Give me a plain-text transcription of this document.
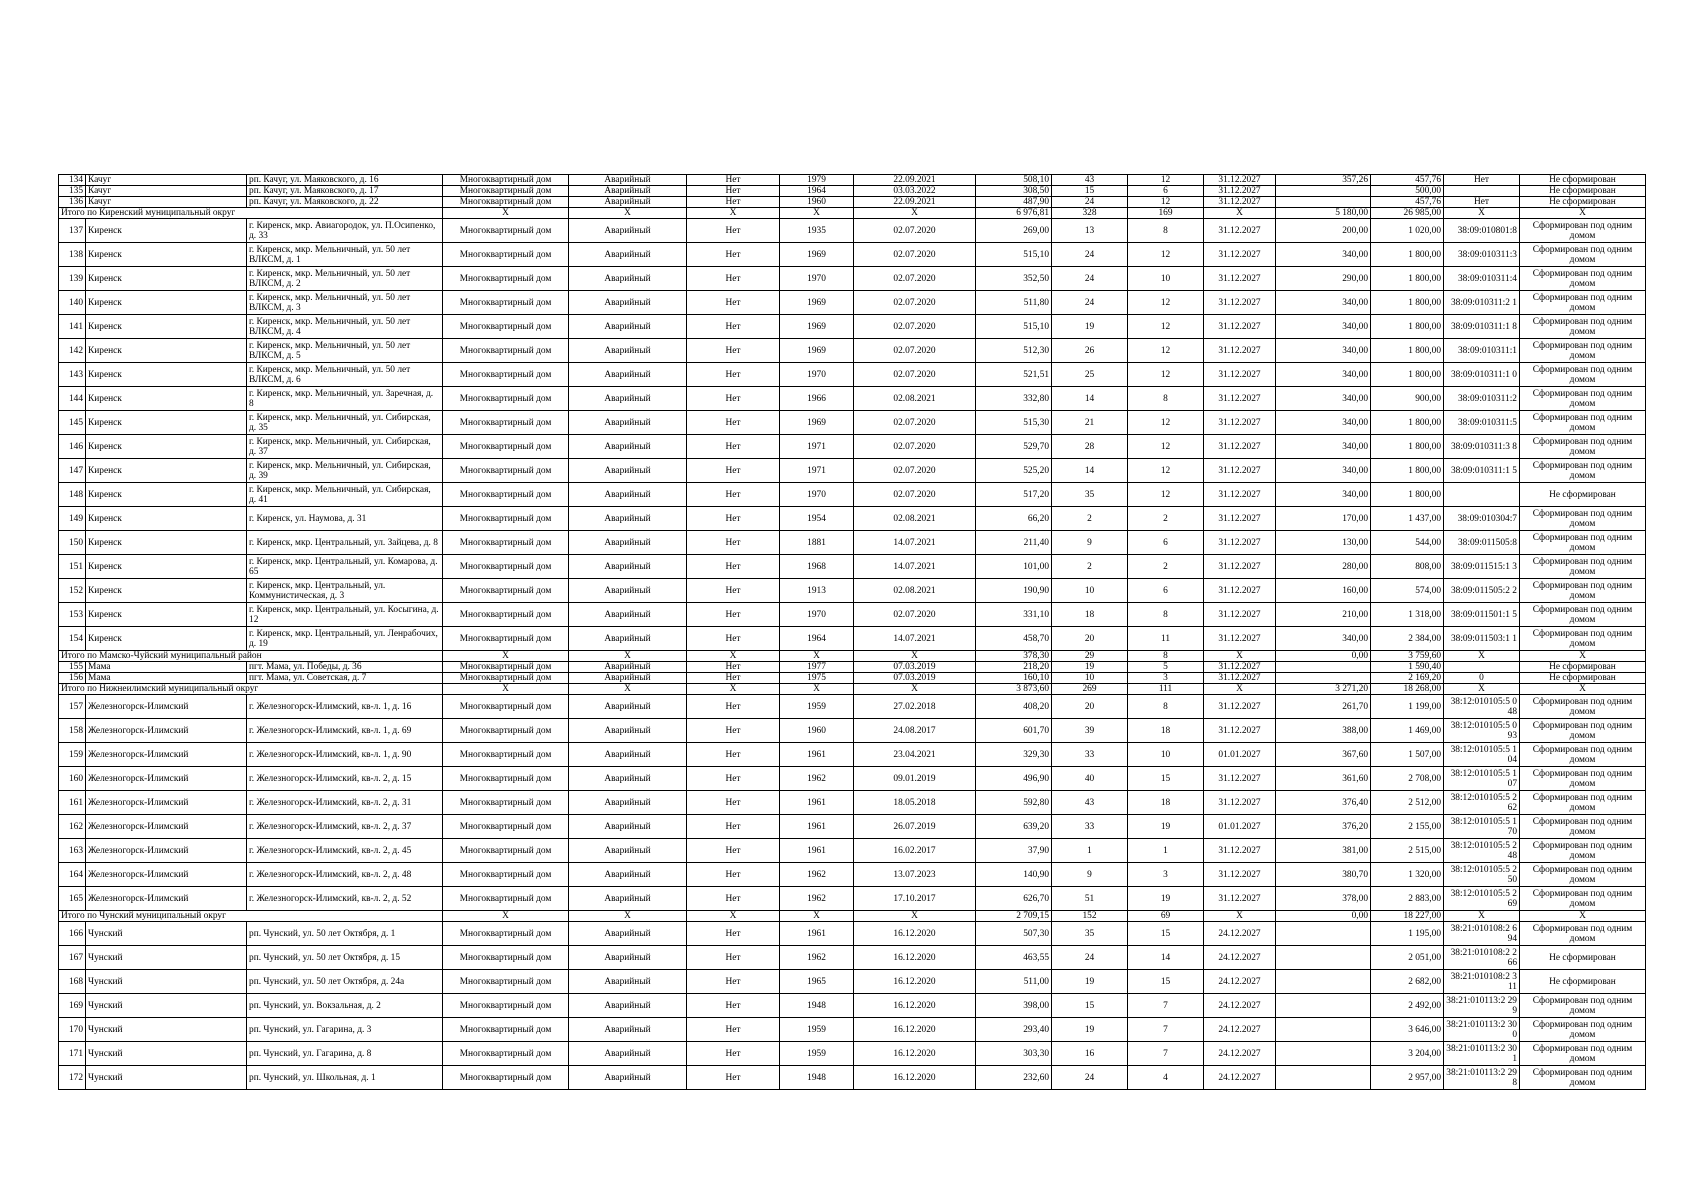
134	Качуг	рп. Качуг, ул. Маяковского, д. 16	Многоквартирный дом	Аварийный	Нет	1979	22.09.2021	508,10	43	12	31.12.2027	357,26	457,76	Нет	Не сформирован
135	Качуг	рп. Качуг, ул. Маяковского, д. 17	Многоквартирный дом	Аварийный	Нет	1964	03.03.2022	308,50	15	6	31.12.2027		500,00		Не сформирован
136	Качуг	рп. Качуг, ул. Маяковского, д. 22	Многоквартирный дом	Аварийный	Нет	1960	22.09.2021	487,90	24	12	31.12.2027		457,76	Нет	Не сформирован
Итого по Киренский муниципальный округ			X	X	X	X	X	6 976,81	328	169	X	5 180,00	26 985,00	X	X
137	Киренск	г. Киренск, мкр. Авиагородок, ул. П.Осипенко, д. 33	Многоквартирный дом	Аварийный	Нет	1935	02.07.2020	269,00	13	8	31.12.2027	200,00	1 020,00	38:09:010801:8	Сформирован под одним домом
138	Киренск	г. Киренск, мкр. Мельничный, ул. 50 лет ВЛКСМ, д. 1	Многоквартирный дом	Аварийный	Нет	1969	02.07.2020	515,10	24	12	31.12.2027	340,00	1 800,00	38:09:010311:3	Сформирован под одним домом
139	Киренск	г. Киренск, мкр. Мельничный, ул. 50 лет ВЛКСМ, д. 2	Многоквартирный дом	Аварийный	Нет	1970	02.07.2020	352,50	24	10	31.12.2027	290,00	1 800,00	38:09:010311:4	Сформирован под одним домом
140	Киренск	г. Киренск, мкр. Мельничный, ул. 50 лет ВЛКСМ, д. 3	Многоквартирный дом	Аварийный	Нет	1969	02.07.2020	511,80	24	12	31.12.2027	340,00	1 800,00	38:09:010311:2 1	Сформирован под одним домом
141	Киренск	г. Киренск, мкр. Мельничный, ул. 50 лет ВЛКСМ, д. 4	Многоквартирный дом	Аварийный	Нет	1969	02.07.2020	515,10	19	12	31.12.2027	340,00	1 800,00	38:09:010311:1 8	Сформирован под одним домом
142	Киренск	г. Киренск, мкр. Мельничный, ул. 50 лет ВЛКСМ, д. 5	Многоквартирный дом	Аварийный	Нет	1969	02.07.2020	512,30	26	12	31.12.2027	340,00	1 800,00	38:09:010311:1	Сформирован под одним домом
143	Киренск	г. Киренск, мкр. Мельничный, ул. 50 лет ВЛКСМ, д. 6	Многоквартирный дом	Аварийный	Нет	1970	02.07.2020	521,51	25	12	31.12.2027	340,00	1 800,00	38:09:010311:1 0	Сформирован под одним домом
144	Киренск	г. Киренск, мкр. Мельничный, ул. Заречная, д. 8	Многоквартирный дом	Аварийный	Нет	1966	02.08.2021	332,80	14	8	31.12.2027	340,00	900,00	38:09:010311:2	Сформирован под одним домом
145	Киренск	г. Киренск, мкр. Мельничный, ул. Сибирская, д. 35	Многоквартирный дом	Аварийный	Нет	1969	02.07.2020	515,30	21	12	31.12.2027	340,00	1 800,00	38:09:010311:5	Сформирован под одним домом
146	Киренск	г. Киренск, мкр. Мельничный, ул. Сибирская, д. 37	Многоквартирный дом	Аварийный	Нет	1971	02.07.2020	529,70	28	12	31.12.2027	340,00	1 800,00	38:09:010311:3 8	Сформирован под одним домом
147	Киренск	г. Киренск, мкр. Мельничный, ул. Сибирская, д. 39	Многоквартирный дом	Аварийный	Нет	1971	02.07.2020	525,20	14	12	31.12.2027	340,00	1 800,00	38:09:010311:1 5	Сформирован под одним домом
148	Киренск	г. Киренск, мкр. Мельничный, ул. Сибирская, д. 41	Многоквартирный дом	Аварийный	Нет	1970	02.07.2020	517,20	35	12	31.12.2027	340,00	1 800,00		Не сформирован
149	Киренск	г. Киренск, ул. Наумова, д. 31	Многоквартирный дом	Аварийный	Нет	1954	02.08.2021	66,20	2	2	31.12.2027	170,00	1 437,00	38:09:010304:7	Сформирован под одним домом
150	Киренск	г. Киренск, мкр. Центральный, ул. Зайцева, д. 8	Многоквартирный дом	Аварийный	Нет	1881	14.07.2021	211,40	9	6	31.12.2027	130,00	544,00	38:09:011505:8	Сформирован под одним домом
151	Киренск	г. Киренск, мкр. Центральный, ул. Комарова, д. 65	Многоквартирный дом	Аварийный	Нет	1968	14.07.2021	101,00	2	2	31.12.2027	280,00	808,00	38:09:011515:1 3	Сформирован под одним домом
152	Киренск	г. Киренск, мкр. Центральный, ул. Коммунистическая, д. 3	Многоквартирный дом	Аварийный	Нет	1913	02.08.2021	190,90	10	6	31.12.2027	160,00	574,00	38:09:011505:2 2	Сформирован под одним домом
153	Киренск	г. Киренск, мкр. Центральный, ул. Косыгина, д. 12	Многоквартирный дом	Аварийный	Нет	1970	02.07.2020	331,10	18	8	31.12.2027	210,00	1 318,00	38:09:011501:1 5	Сформирован под одним домом
154	Киренск	г. Киренск, мкр. Центральный, ул. Ленрабочих, д. 19	Многоквартирный дом	Аварийный	Нет	1964	14.07.2021	458,70	20	11	31.12.2027	340,00	2 384,00	38:09:011503:1 1	Сформирован под одним домом
Итого по Мамско-Чуйский муниципальный район			X	X	X	X	X	378,30	29	8	X	0,00	3 759,60	X	X
155	Мама	пгт. Мама, ул. Победы, д. 36	Многоквартирный дом	Аварийный	Нет	1977	07.03.2019	218,20	19	5	31.12.2027		1 590,40		Не сформирован
156	Мама	пгт. Мама, ул. Советская, д. 7	Многоквартирный дом	Аварийный	Нет	1975	07.03.2019	160,10	10	3	31.12.2027		2 169,20	0	Не сформирован
Итого по Нижнеилимский муниципальный округ			X	X	X	X	X	3 873,60	269	111	X	3 271,20	18 268,00	X	X
157	Железногорск-Илимский	г. Железногорск-Илимский, кв-л. 1, д. 16	Многоквартирный дом	Аварийный	Нет	1959	27.02.2018	408,20	20	8	31.12.2027	261,70	1 199,00	38:12:010105:5 048	Сформирован под одним домом
158	Железногорск-Илимский	г. Железногорск-Илимский, кв-л. 1, д. 69	Многоквартирный дом	Аварийный	Нет	1960	24.08.2017	601,70	39	18	31.12.2027	388,00	1 469,00	38:12:010105:5 093	Сформирован под одним домом
159	Железногорск-Илимский	г. Железногорск-Илимский, кв-л. 1, д. 90	Многоквартирный дом	Аварийный	Нет	1961	23.04.2021	329,30	33	10	01.01.2027	367,60	1 507,00	38:12:010105:5 104	Сформирован под одним домом
160	Железногорск-Илимский	г. Железногорск-Илимский, кв-л. 2, д. 15	Многоквартирный дом	Аварийный	Нет	1962	09.01.2019	496,90	40	15	31.12.2027	361,60	2 708,00	38:12:010105:5 107	Сформирован под одним домом
161	Железногорск-Илимский	г. Железногорск-Илимский, кв-л. 2, д. 31	Многоквартирный дом	Аварийный	Нет	1961	18.05.2018	592,80	43	18	31.12.2027	376,40	2 512,00	38:12:010105:5 262	Сформирован под одним домом
162	Железногорск-Илимский	г. Железногорск-Илимский, кв-л. 2, д. 37	Многоквартирный дом	Аварийный	Нет	1961	26.07.2019	639,20	33	19	01.01.2027	376,20	2 155,00	38:12:010105:5 170	Сформирован под одним домом
163	Железногорск-Илимский	г. Железногорск-Илимский, кв-л. 2, д. 45	Многоквартирный дом	Аварийный	Нет	1961	16.02.2017	37,90	1	1	31.12.2027	381,00	2 515,00	38:12:010105:5 248	Сформирован под одним домом
164	Железногорск-Илимский	г. Железногорск-Илимский, кв-л. 2, д. 48	Многоквартирный дом	Аварийный	Нет	1962	13.07.2023	140,90	9	3	31.12.2027	380,70	1 320,00	38:12:010105:5 250	Сформирован под одним домом
165	Железногорск-Илимский	г. Железногорск-Илимский, кв-л. 2, д. 52	Многоквартирный дом	Аварийный	Нет	1962	17.10.2017	626,70	51	19	31.12.2027	378,00	2 883,00	38:12:010105:5 269	Сформирован под одним домом
Итого по Чунский муниципальный округ			X	X	X	X	X	2 709,15	152	69	X	0,00	18 227,00	X	X
166	Чунский	рп. Чунский, ул. 50 лет Октября, д. 1	Многоквартирный дом	Аварийный	Нет	1961	16.12.2020	507,30	35	15	24.12.2027		1 195,00	38:21:010108:2 694	Сформирован под одним домом
167	Чунский	рп. Чунский, ул. 50 лет Октября, д. 15	Многоквартирный дом	Аварийный	Нет	1962	16.12.2020	463,55	24	14	24.12.2027		2 051,00	38:21:010108:2 266	Не сформирован
168	Чунский	рп. Чунский, ул. 50 лет Октября, д. 24а	Многоквартирный дом	Аварийный	Нет	1965	16.12.2020	511,00	19	15	24.12.2027		2 682,00	38:21:010108:2 311	Не сформирован
169	Чунский	рп. Чунский, ул. Вокзальная, д. 2	Многоквартирный дом	Аварийный	Нет	1948	16.12.2020	398,00	15	7	24.12.2027		2 492,00	38:21:010113:2 299	Сформирован под одним домом
170	Чунский	рп. Чунский, ул. Гагарина, д. 3	Многоквартирный дом	Аварийный	Нет	1959	16.12.2020	293,40	19	7	24.12.2027		3 646,00	38:21:010113:2 300	Сформирован под одним домом
171	Чунский	рп. Чунский, ул. Гагарина, д. 8	Многоквартирный дом	Аварийный	Нет	1959	16.12.2020	303,30	16	7	24.12.2027		3 204,00	38:21:010113:2 301	Сформирован под одним домом
172	Чунский	рп. Чунский, ул. Школьная, д. 1	Многоквартирный дом	Аварийный	Нет	1948	16.12.2020	232,60	24	4	24.12.2027		2 957,00	38:21:010113:2 298	Сформирован под одним домом
